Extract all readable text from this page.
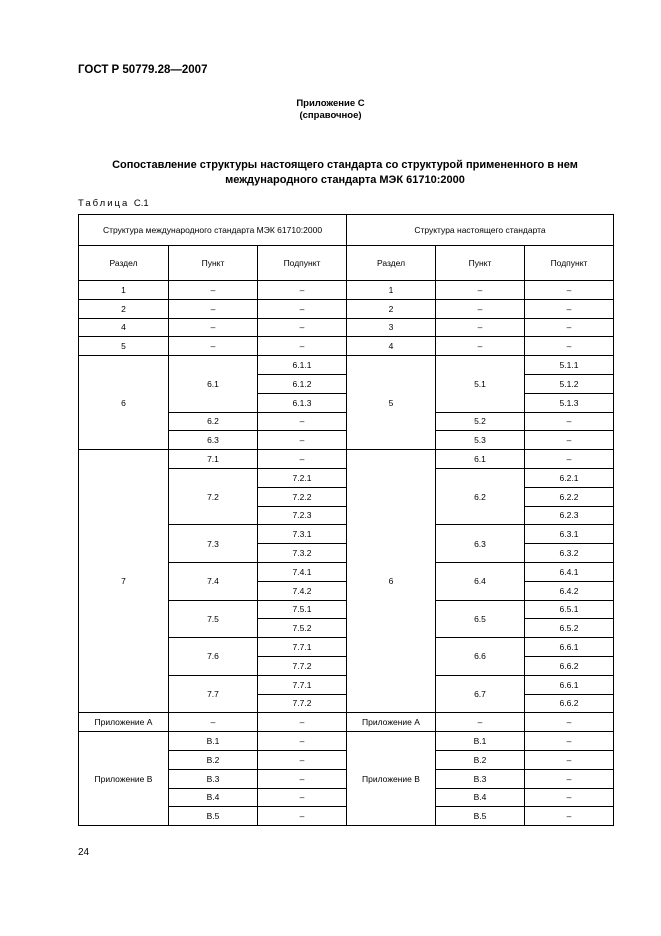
ГОСТ Р 50779.28—2007
Приложение С
(справочное)
Сопоставление структуры настоящего стандарта со структурой примененного в нем
международного стандарта МЭК 61710:2000
Таблица С.1
Структура международного стандарта МЭК 61710:2000			Структура настоящего стандарта		
Раздел	Пункт	Подпункт	Раздел	Пункт	Подпункт
1	–	–	1	–	–
2	–	–	2	–	–
4	–	–	3	–	–
5	–	–	4	–	–
6	6.1	6.1.1	5	5.1	5.1.1
		6.1.2			5.1.2
		6.1.3			5.1.3
	6.2	–		5.2	–
	6.3	–		5.3	–
7	7.1	–	6	6.1	–
	7.2	7.2.1		6.2	6.2.1
		7.2.2			6.2.2
		7.2.3			6.2.3
	7.3	7.3.1		6.3	6.3.1
		7.3.2			6.3.2
	7.4	7.4.1		6.4	6.4.1
		7.4.2			6.4.2
	7.5	7.5.1		6.5	6.5.1
		7.5.2			6.5.2
	7.6	7.7.1		6.6	6.6.1
		7.7.2			6.6.2
	7.7	7.7.1		6.7	6.6.1
		7.7.2			6.6.2
Приложение А	–	–	Приложение А	–	–
Приложение В	В.1	–	Приложение В	В.1	–
	В.2	–		В.2	–
	В.3	–		В.3	–
	В.4	–		В.4	–
	В.5	–		В.5	–
24
